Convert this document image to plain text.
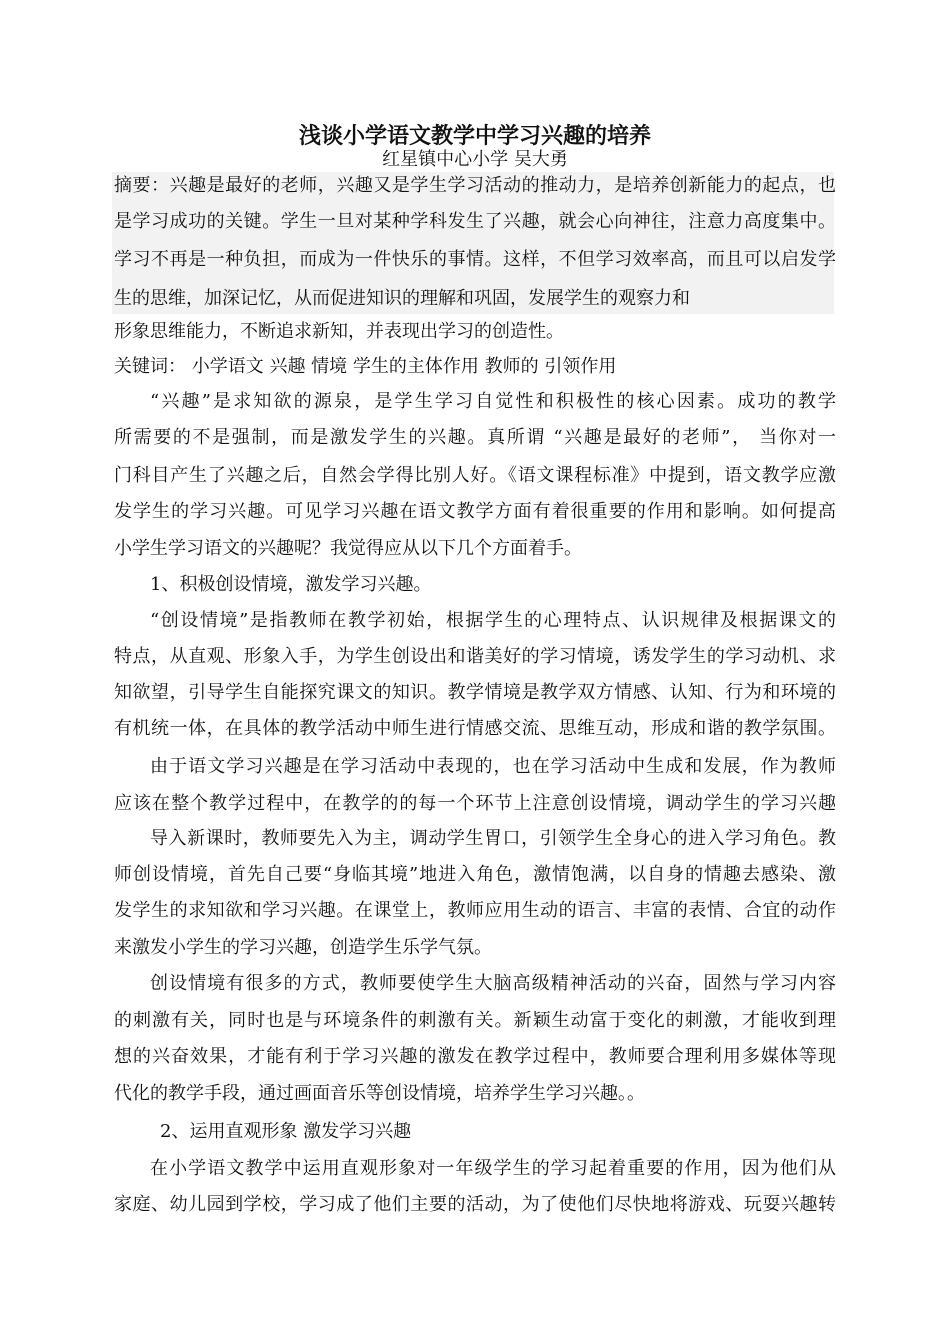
浅谈小学语文教学中学习兴趣的培养
红星镇中心小学 吴大勇
摘要：兴趣是最好的老师，兴趣又是学生学习活动的推动力，是培养创新能力的起点，也
是学习成功的关键。学生一旦对某种学科发生了兴趣，就会心向神往，注意力高度集中。
学习不再是一种负担，而成为一件快乐的事情。这样，不但学习效率高，而且可以启发学
生的思维，加深记忆，从而促进知识的理解和巩固，发展学生的观察力和
形象思维能力，不断追求新知，并表现出学习的创造性。
关键词： 小学语文 兴趣 情境 学生的主体作用 教师的 引领作用
“兴趣”是求知欲的源泉，是学生学习自觉性和积极性的核心因素。成功的教学
所需要的不是强制，而是激发学生的兴趣。真所谓 “兴趣是最好的老师”， 当你对一
门科目产生了兴趣之后，自然会学得比别人好。《语文课程标准》中提到，语文教学应激
发学生的学习兴趣。可见学习兴趣在语文教学方面有着很重要的作用和影响。如何提高
小学生学习语文的兴趣呢？我觉得应从以下几个方面着手。
1、积极创设情境，激发学习兴趣。
“创设情境”是指教师在教学初始，根据学生的心理特点、认识规律及根据课文的
特点，从直观、形象入手，为学生创设出和谐美好的学习情境，诱发学生的学习动机、求
知欲望，引导学生自能探究课文的知识。教学情境是教学双方情感、认知、行为和环境的
有机统一体，在具体的教学活动中师生进行情感交流、思维互动，形成和谐的教学氛围。
由于语文学习兴趣是在学习活动中表现的，也在学习活动中生成和发展，作为教师
应该在整个教学过程中，在教学的的每一个环节上注意创设情境，调动学生的学习兴趣
导入新课时，教师要先入为主，调动学生胃口，引领学生全身心的进入学习角色。教
师创设情境，首先自己要“身临其境”地进入角色，激情饱满，以自身的情趣去感染、激
发学生的求知欲和学习兴趣。在课堂上，教师应用生动的语言、丰富的表情、合宜的动作
来激发小学生的学习兴趣，创造学生乐学气氛。
创设情境有很多的方式，教师要使学生大脑高级精神活动的兴奋，固然与学习内容
的刺激有关，同时也是与环境条件的刺激有关。新颖生动富于变化的刺激，才能收到理
想的兴奋效果，才能有利于学习兴趣的激发在教学过程中，教师要合理利用多媒体等现
代化的教学手段，通过画面音乐等创设情境，培养学生学习兴趣。。
2、运用直观形象 激发学习兴趣
在小学语文教学中运用直观形象对一年级学生的学习起着重要的作用，因为他们从
家庭、幼儿园到学校，学习成了他们主要的活动，为了使他们尽快地将游戏、玩耍兴趣转
